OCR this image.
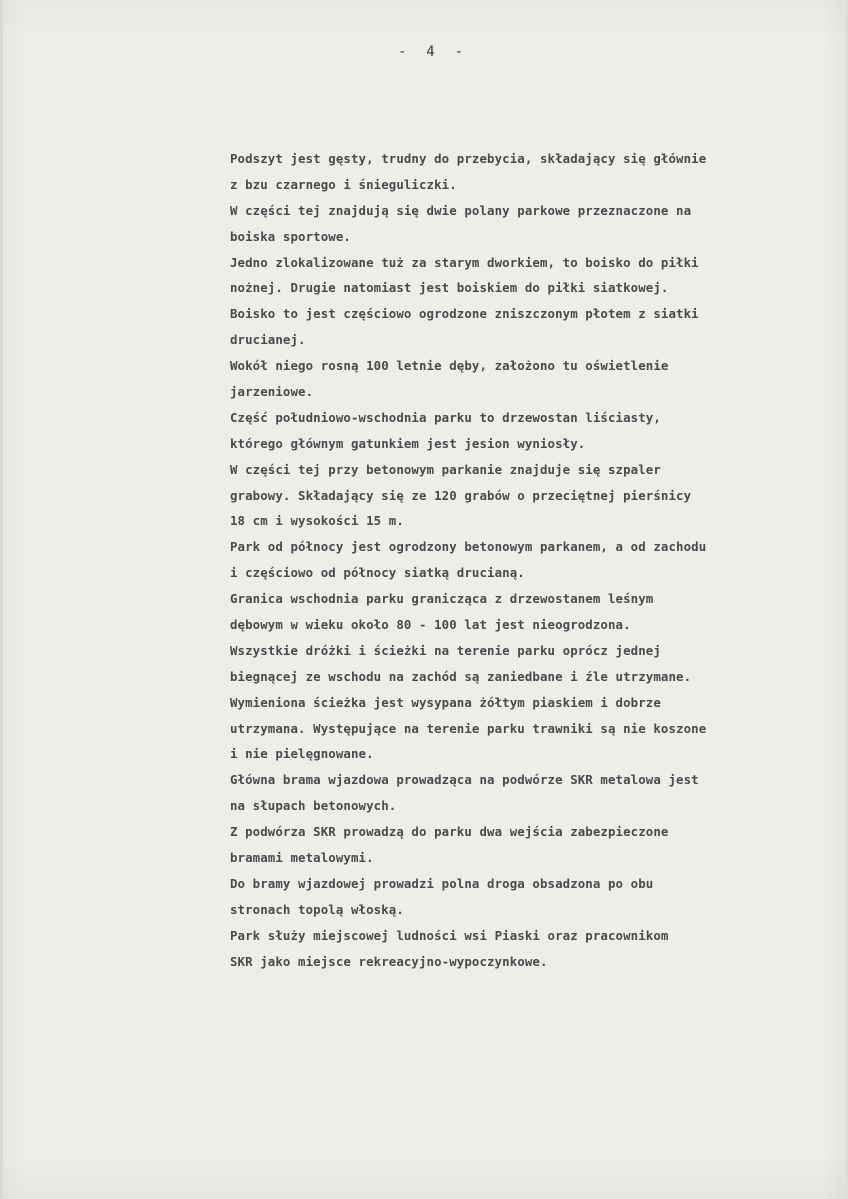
-  4  -
Podszyt jest gęsty, trudny do przebycia, składający się głównie
z bzu czarnego i śnieguliczki.
W części tej znajdują się dwie polany parkowe przeznaczone na
boiska sportowe.
Jedno zlokalizowane tuż za starym dworkiem, to boisko do piłki
nożnej. Drugie natomiast jest boiskiem do piłki siatkowej.
Boisko to jest częściowo ogrodzone zniszczonym płotem z siatki
drucianej.
Wokół niego rosną 100 letnie dęby, założono tu oświetlenie
jarzeniowe.
Część południowo-wschodnia parku to drzewostan liściasty,
którego głównym gatunkiem jest jesion wyniosły.
W części tej przy betonowym parkanie znajduje się szpaler
grabowy. Składający się ze 120 grabów o przeciętnej pierśnicy
18 cm i wysokości 15 m.
Park od północy jest ogrodzony betonowym parkanem, a od zachodu
i częściowo od północy siatką drucianą.
Granica wschodnia parku granicząca z drzewostanem leśnym
dębowym w wieku około 80 - 100 lat jest nieogrodzona.
Wszystkie dróżki i ścieżki na terenie parku oprócz jednej
biegnącej ze wschodu na zachód są zaniedbane i źle utrzymane.
Wymieniona ścieżka jest wysypana żółtym piaskiem i dobrze
utrzymana. Występujące na terenie parku trawniki są nie koszone
i nie pielęgnowane.
Główna brama wjazdowa prowadząca na podwórze SKR metalowa jest
na słupach betonowych.
Z podwórza SKR prowadzą do parku dwa wejścia zabezpieczone
bramami metalowymi.
Do bramy wjazdowej prowadzi polna droga obsadzona po obu
stronach topolą włoską.
Park służy miejscowej ludności wsi Piaski oraz pracownikom
SKR jako miejsce rekreacyjno-wypoczynkowe.
